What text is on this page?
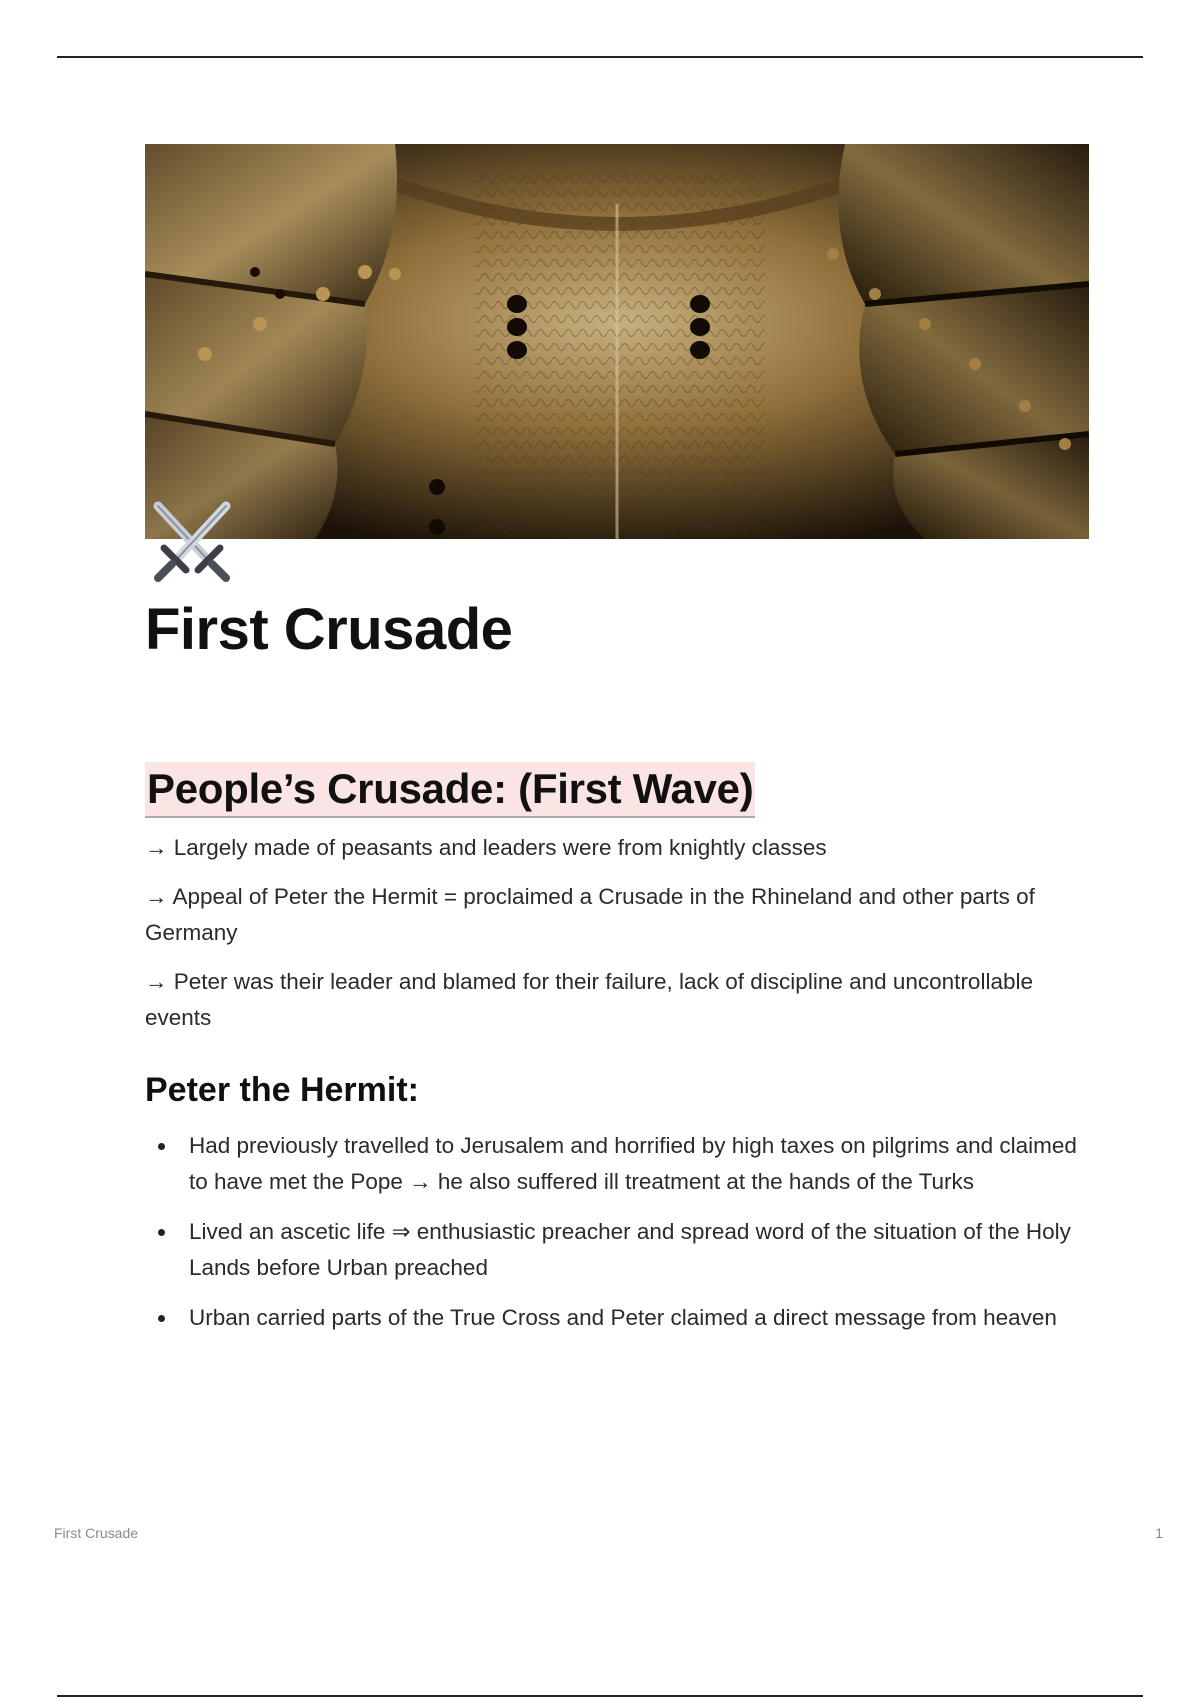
First Crusade
People’s Crusade: (First Wave)

→ Largely made of peasants and leaders were from knightly classes

→ Appeal of Peter the Hermit = proclaimed a Crusade in the Rhineland and other parts of Germany

→ Peter was their leader and blamed for their failure, lack of discipline and uncontrollable events

Peter the Hermit:
Had previously travelled to Jerusalem and horrified by high taxes on pilgrims and claimed to have met the Pope → he also suffered ill treatment at the hands of the Turks
Lived an ascetic life ⇒ enthusiastic preacher and spread word of the situation of the Holy Lands before Urban preached
Urban carried parts of the True Cross and Peter claimed a direct message from heaven
First Crusade	1
